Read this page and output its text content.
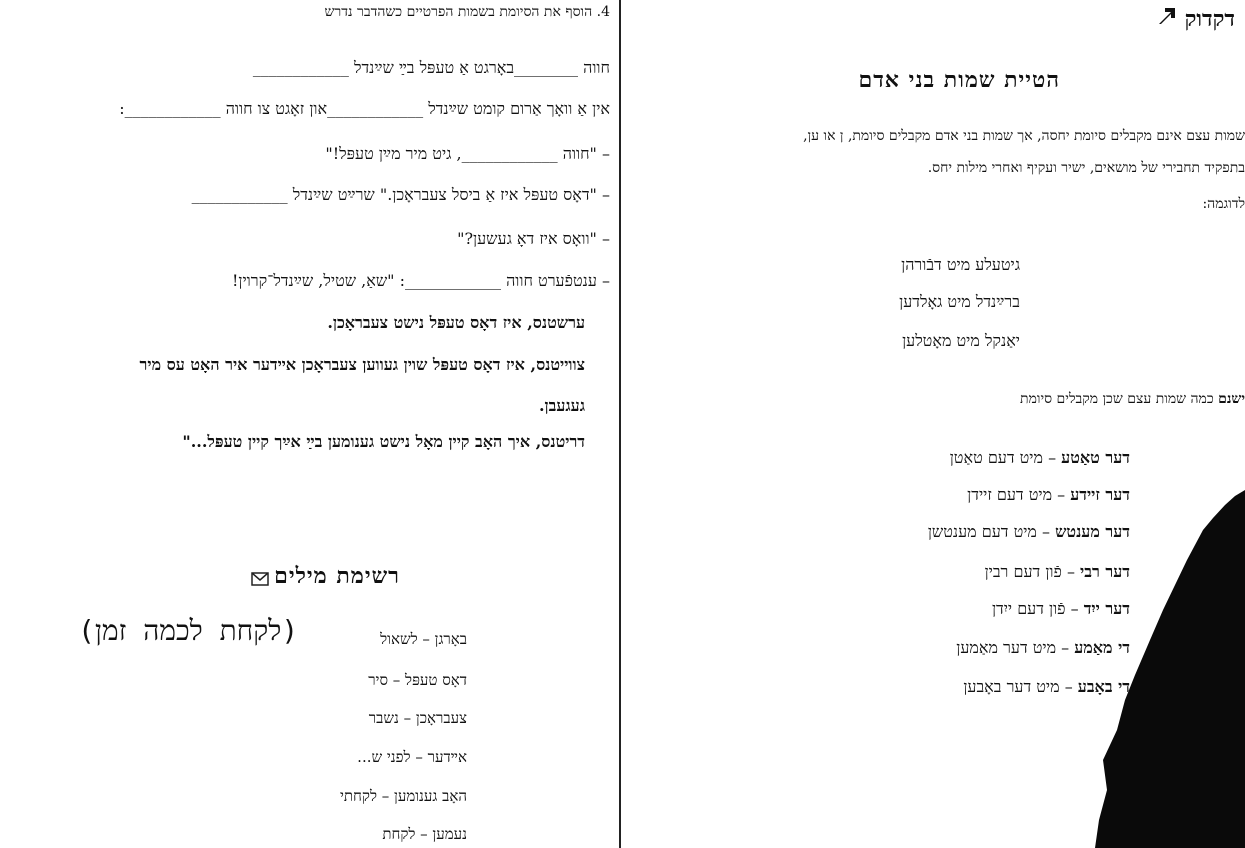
4. הוסף את הסיומת בשמות הפרטיים כשהדבר נדרש
חווה ________באָרגט אַ טעפּל בײַ שײַנדל ____________
אין אַ וואָך אַרום קומט שײַנדל ____________און זאָגט צו חווה ____________:
– "חווה ____________, גיט מיר מײַן טעפּל!"
– "דאָס טעפּל איז אַ ביסל צעבראָכן." שרײַט שײַנדל ____________
– "וואָס איז דאָ געשען?"
– ענטפֿערט חווה ____________: "שאַ, שטיל, שײַנדל־קרוין!
ערשטנס, איז דאָס טעפּל נישט צעבראָכן.
צווייטנס, איז דאָס טעפּל שוין געווען צעבראָכן אײדער איר האָט עס מיר
געגעבן.
דריטנס, איך האָב קיין מאָל נישט גענומען בײַ אײַך קיין טעפּל..."
רשימת מילים
באָרגן – לשאול
(לקחת לכמה זמן)
דאָס טעפּל – סיר
צעבראָכן – נשבר
אײדער – לפני ש...
האָב גענומען – לקחתי
נעמען – לקחת
דקדוק
הטיית שמות בני אדם
שמות עצם אינם מקבלים סיומת יחסה, אך שמות בני אדם מקבלים סיומת, ן או ען,
בתפקיד תחבירי של מושאים, ישיר ועקיף ואחרי מילות יחס.
לדוגמה:
גיטעלע מיט דבֿורהן
ברײַנדל מיט גאָלדען
יאַנקל מיט מאָטלען
ישנם כמה שמות עצם שכן מקבלים סיומת
דער טאַטע – מיט דעם טאַטן
דער זיידע – מיט דעם זיידן
דער מענטש – מיט דעם מענטשן
דער רבי – פֿון דעם רבין
דער ייִד – פֿון דעם ייִדן
די מאַמע – מיט דער מאַמען
די באָבע – מיט דער באָבען
